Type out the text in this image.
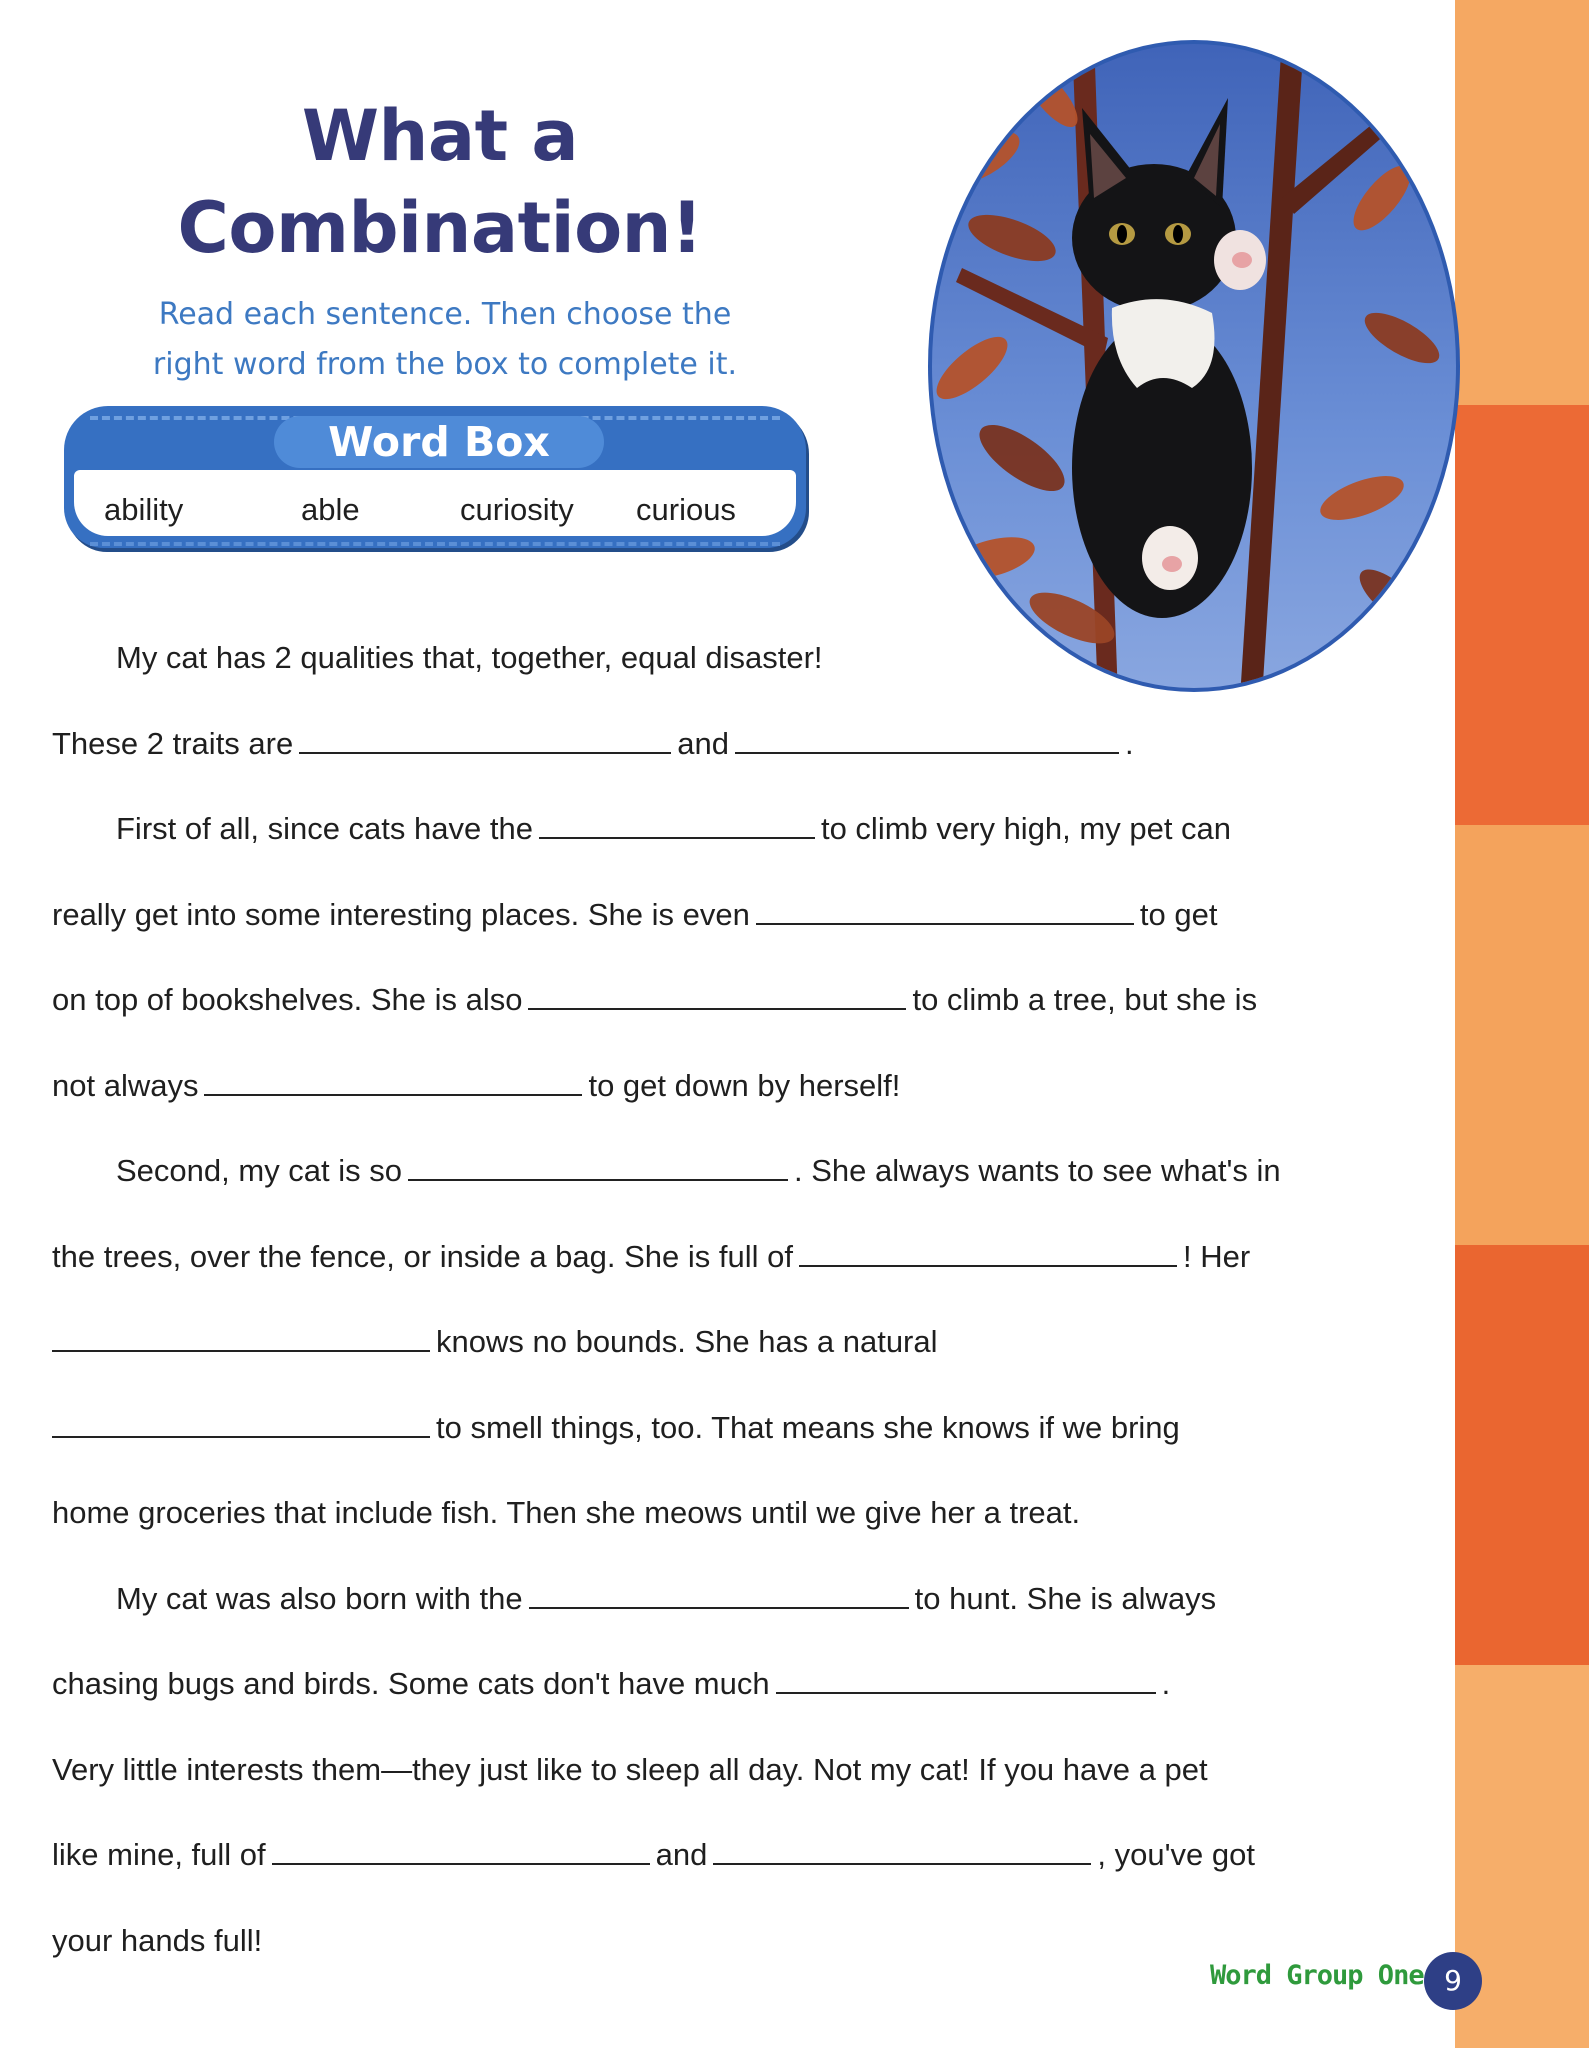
What a
Combination!
Read each sentence. Then choose the
right word from the box to complete it.
Word Box
ability	able	curiosity curious
My cat has 2 qualities that, together, equal disaster!
These 2 traits are	and	.
First of all, since cats have the	to climb very high, my pet can
really get into some interesting places. She is even	to get
on top of bookshelves. She is also	to climb a tree, but she is
not always	to get down by herself!
Second, my cat is so	. She always wants to see what's in
the trees, over the fence, or inside a bag. She is full of	! Her
knows no bounds. She has a natural
to smell things, too. That means she knows if we bring
home groceries that include fish. Then she meows until we give her a treat.
My cat was also born with the	to hunt. She is always
chasing bugs and birds. Some cats don't have much	.
Very little interests them—they just like to sleep all day. Not my cat! If you have a pet
like mine, full of	and	, you've got
your hands full!
Word Group One 9
